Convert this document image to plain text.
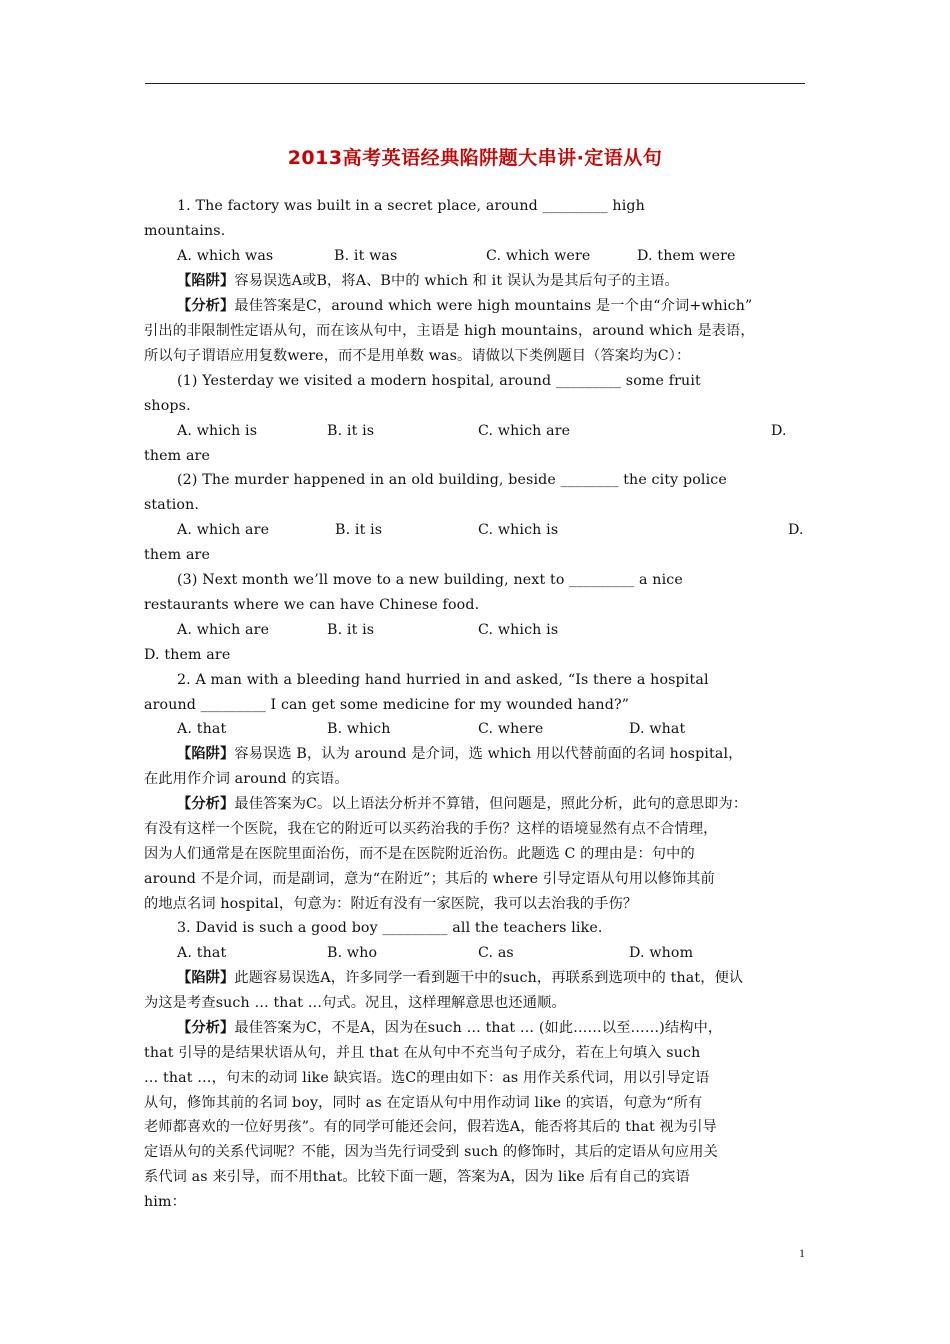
2013高考英语经典陷阱题大串讲·定语从句
1. The factory was built in a secret place, around _________ high
mountains.
A. which was	B. it was	C. which were	D. them were
【陷阱】容易误选A或B，将A、B中的 which 和 it 误认为是其后句子的主语。
【分析】最佳答案是C，around which were high mountains 是一个由“介词+which”
引出的非限制性定语从句，而在该从句中，主语是 high mountains，around which 是表语，
所以句子谓语应用复数were，而不是用单数 was。请做以下类例题目（答案均为C）：
(1) Yesterday we visited a modern hospital, around _________ some fruit
shops.
A. which is	B. it is	C. which are	D.
them are
(2) The murder happened in an old building, beside ________ the city police
station.
A. which are	B. it is	C. which is	D.
them are
(3) Next month we’ll move to a new building, next to _________ a nice
restaurants where we can have Chinese food.
A. which are	B. it is	C. which is
D. them are
2. A man with a bleeding hand hurried in and asked, “Is there a hospital
around _________ I can get some medicine for my wounded hand?”
A. that	B. which	C. where	D. what
【陷阱】容易误选 B，认为 around 是介词，选 which 用以代替前面的名词 hospital，
在此用作介词 around 的宾语。
【分析】最佳答案为C。以上语法分析并不算错，但问题是，照此分析，此句的意思即为：
有没有这样一个医院，我在它的附近可以买药治我的手伤？这样的语境显然有点不合情理，
因为人们通常是在医院里面治伤，而不是在医院附近治伤。此题选 C 的理由是：句中的
around 不是介词，而是副词，意为“在附近”；其后的 where 引导定语从句用以修饰其前
的地点名词 hospital，句意为：附近有没有一家医院，我可以去治我的手伤？
3. David is such a good boy _________ all the teachers like.
A. that	B. who	C. as	D. whom
【陷阱】此题容易误选A，许多同学一看到题干中的such，再联系到选项中的 that，便认
为这是考查such … that …句式。况且，这样理解意思也还通顺。
【分析】最佳答案为C，不是A，因为在such … that … (如此……以至……)结构中，
that 引导的是结果状语从句，并且 that 在从句中不充当句子成分，若在上句填入 such
… that …，句末的动词 like 缺宾语。选C的理由如下：as 用作关系代词，用以引导定语
从句，修饰其前的名词 boy，同时 as 在定语从句中用作动词 like 的宾语，句意为“所有
老师都喜欢的一位好男孩”。有的同学可能还会问，假若选A，能否将其后的 that 视为引导
定语从句的关系代词呢？不能，因为当先行词受到 such 的修饰时，其后的定语从句应用关
系代词 as 来引导，而不用that。比较下面一题，答案为A，因为 like 后有自己的宾语
him：
1
